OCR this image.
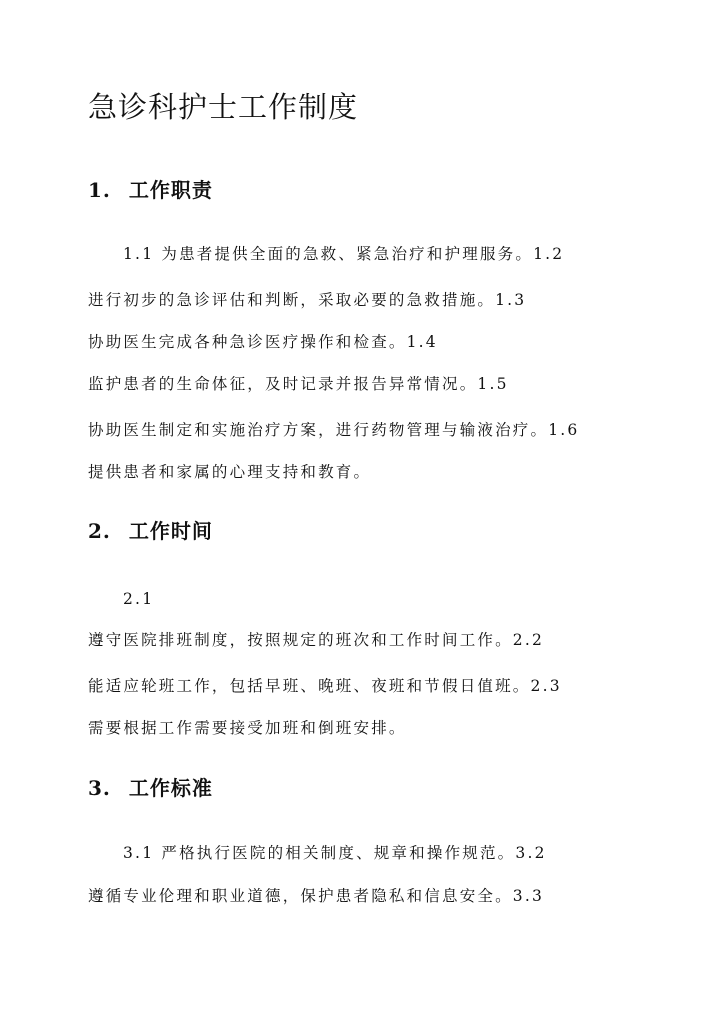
急诊科护士工作制度
1. 工作职责

1.1 为患者提供全面的急救、紧急治疗和护理服务。1.2

进行初步的急诊评估和判断，采取必要的急救措施。1.3

协助医生完成各种急诊医疗操作和检查。1.4

监护患者的生命体征，及时记录并报告异常情况。1.5

协助医生制定和实施治疗方案，进行药物管理与输液治疗。1.6

提供患者和家属的心理支持和教育。

2. 工作时间

2.1

遵守医院排班制度，按照规定的班次和工作时间工作。2.2

能适应轮班工作，包括早班、晚班、夜班和节假日值班。2.3

需要根据工作需要接受加班和倒班安排。

3. 工作标准

3.1 严格执行医院的相关制度、规章和操作规范。3.2

遵循专业伦理和职业道德，保护患者隐私和信息安全。3.3
